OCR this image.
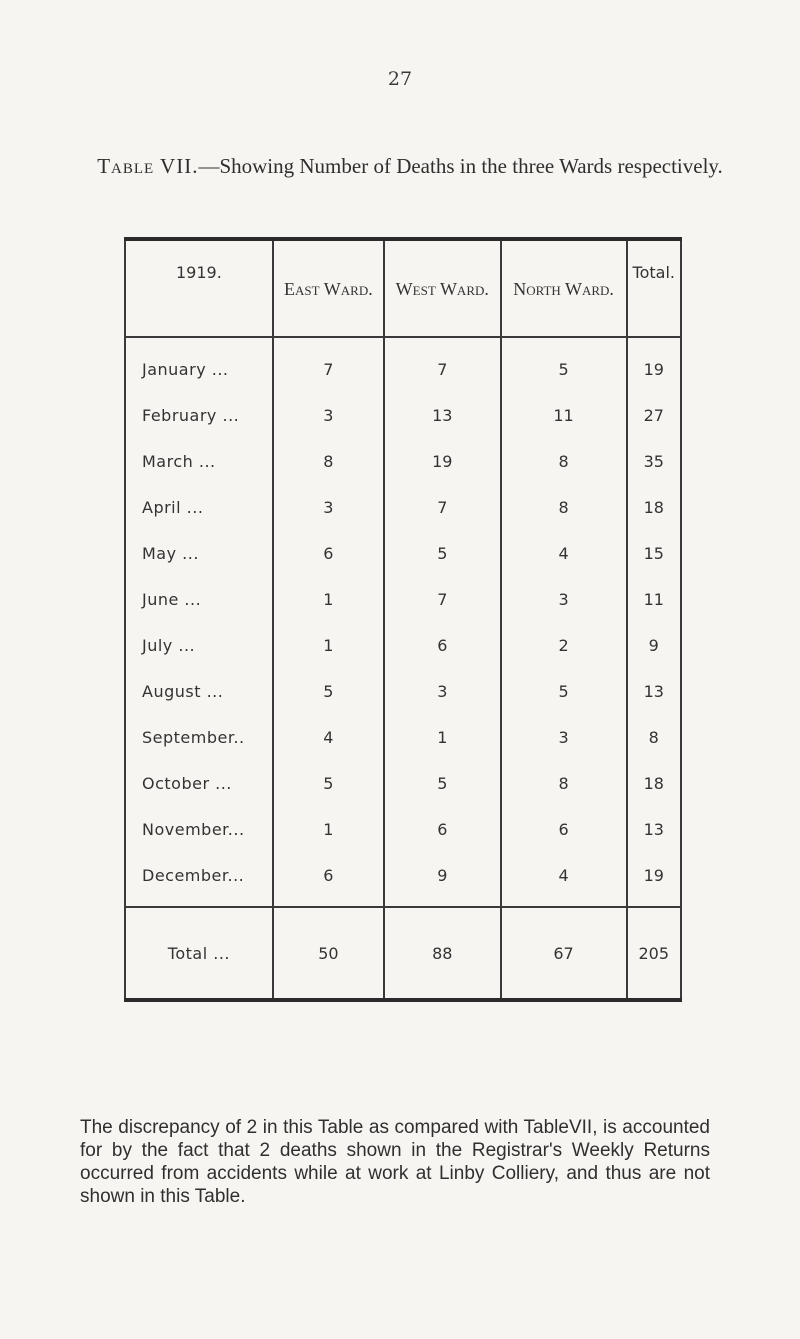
27
Table VII.—Showing Number of Deaths in the three Wards respectively.
1919.	East Ward.	West Ward.	North Ward.	Total.
January ...	7	7	5	19
February ...	3	13	11	27
March ...	8	19	8	35
April ...	3	7	8	18
May ...	6	5	4	15
June ...	1	7	3	11
July ...	1	6	2	9
August ...	5	3	5	13
September..	4	1	3	8
October ...	5	5	8	18
November...	1	6	6	13
December...	6	9	4	19
Total ...	50	88	67	205

The discrepancy of 2 in this Table as compared with TableVII, is accounted for by the fact that 2 deaths shown in the Registrar's Weekly Returns occurred from accidents while at work at Linby Colliery, and thus are not shown in this Table.
